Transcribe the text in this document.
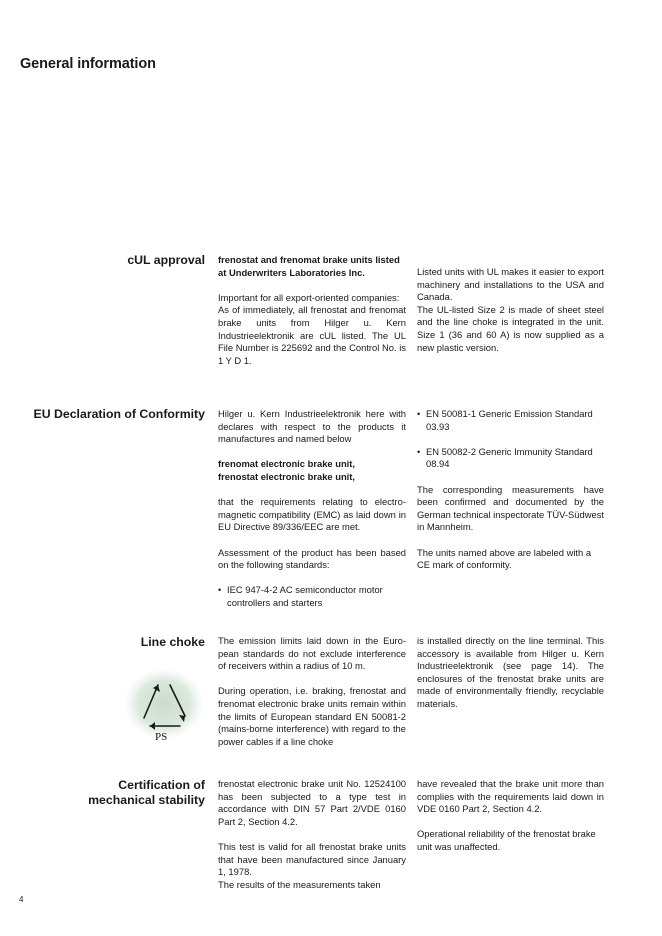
General information
cUL approval frenostat and frenomat brake units listed
at Underwriters Laboratories Inc.

Important for all export-oriented companies:

As of immediately, all frenostat and frenomat brake units from Hilger u. Kern Industrieelektronik are cUL listed. The UL File Number is 225692 and the Control No. is 1 Y D 1.

Listed units with UL makes it easier to export machinery and installations to the USA and Canada.

The UL-listed Size 2 is made of sheet steel and the line choke is integrated in the unit. Size 1 (36 and 60 A) is now supplied as a new plastic version.

EU Declaration of Conformity Hilger u. Kern Industrieelektronik here with declares with respect to the products it manufactures and named below

frenomat electronic brake unit,
frenostat electronic brake unit,

that the requirements relating to electromagnetic compatibility (EMC) as laid down in EU Directive 89/336/EEC are met.

Assessment of the product has been based on the following standards:

• IEC 947-4-2 AC semiconductor motor controllers and starters

• EN 50081-1 Generic Emission Standard 03.93

• EN 50082-2 Generic Immunity Standard 08.94

The corresponding measurements have been confirmed and documented by the German technical inspectorate TÜV-Südwest in Mannheim.

The units named above are labeled with a CE mark of conformity.

Line choke
PS

The emission limits laid down in the European standards do not exclude interference of receivers within a radius of 10 m.

During operation, i.e. braking, frenostat and frenomat electronic brake units remain within the limits of European standard EN 50081-2 (mains-borne interference) with regard to the power cables if a line choke

is installed directly on the line terminal. This accessory is available from Hilger u. Kern Industrieelektronik (see page 14). The enclosures of the frenostat brake units are made of environmentally friendly, recyclable materials.

Certification of
mechanical stability

frenostat electronic brake unit No. 12524100 has been subjected to a type test in accordance with DIN 57 Part 2/VDE 0160 Part 2, Section 4.2.

This test is valid for all frenostat brake units that have been manufactured since January 1, 1978.

The results of the measurements taken

have revealed that the brake unit more than complies with the requirements laid down in VDE 0160 Part 2, Section 4.2.

Operational reliability of the frenostat brake unit was unaffected.

4
